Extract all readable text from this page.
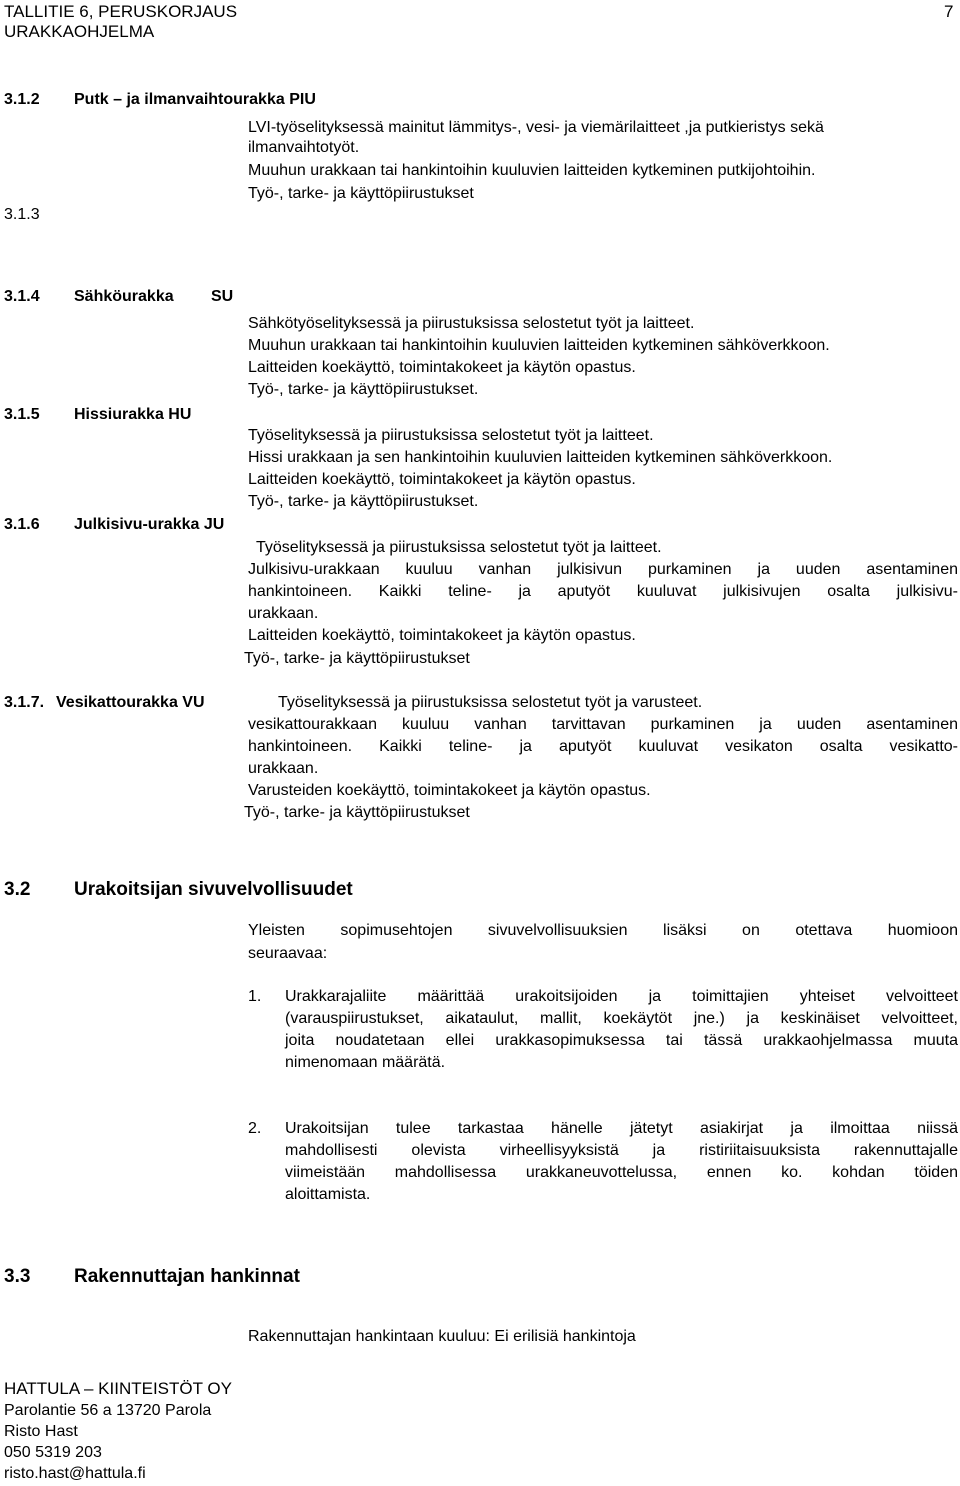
TALLITIE 6, PERUSKORJAUS
URAKKAOHJELMA
7
3.1.2 Putk – ja ilmanvaihtourakka PIU
LVI-työselityksessä mainitut lämmitys-, vesi- ja viemärilaitteet ,ja putkieristys sekä
ilmanvaihtotyöt.
Muuhun urakkaan tai hankintoihin kuuluvien laitteiden kytkeminen putkijohtoihin.
Työ-, tarke- ja käyttöpiirustukset
3.1.3
3.1.4 Sähköurakka SU
Sähkötyöselityksessä ja piirustuksissa selostetut työt ja laitteet.
Muuhun urakkaan tai hankintoihin kuuluvien laitteiden kytkeminen sähköverkkoon.
Laitteiden koekäyttö, toimintakokeet ja käytön opastus.
Työ-, tarke- ja käyttöpiirustukset.
3.1.5 Hissiurakka HU
Työselityksessä ja piirustuksissa selostetut työt ja laitteet.
Hissi urakkaan ja sen hankintoihin kuuluvien laitteiden kytkeminen sähköverkkoon.
Laitteiden koekäyttö, toimintakokeet ja käytön opastus.
Työ-, tarke- ja käyttöpiirustukset.
3.1.6 Julkisivu-urakka JU
Työselityksessä ja piirustuksissa selostetut työt ja laitteet.
Julkisivu-urakkaan kuuluu vanhan julkisivun purkaminen ja uuden asentaminen
hankintoineen. Kaikki teline- ja aputyöt kuuluvat julkisivujen osalta julkisivu-
urakkaan.
Laitteiden koekäyttö, toimintakokeet ja käytön opastus.
Työ-, tarke- ja käyttöpiirustukset
3.1.7. Vesikattourakka VU	Työselityksessä ja piirustuksissa selostetut työt ja varusteet.
vesikattourakkaan kuuluu vanhan tarvittavan purkaminen ja uuden asentaminen
hankintoineen. Kaikki teline- ja aputyöt kuuluvat vesikaton osalta vesikatto-
urakkaan.
Varusteiden koekäyttö, toimintakokeet ja käytön opastus.
Työ-, tarke- ja käyttöpiirustukset
3.2 Urakoitsijan sivuvelvollisuudet
Yleisten sopimusehtojen sivuvelvollisuuksien lisäksi on otettava huomioon
seuraavaa:
1. Urakkarajaliite määrittää urakoitsijoiden ja toimittajien yhteiset velvoitteet
(varauspiirustukset, aikataulut, mallit, koekäytöt jne.) ja keskinäiset velvoitteet,
joita noudatetaan ellei urakkasopimuksessa tai tässä urakkaohjelmassa muuta
nimenomaan määrätä.
2. Urakoitsijan tulee tarkastaa hänelle jätetyt asiakirjat ja ilmoittaa niissä
mahdollisesti olevista virheellisyyksistä ja ristiriitaisuuksista rakennuttajalle
viimeistään mahdollisessa urakkaneuvottelussa, ennen ko. kohdan töiden
aloittamista.
3.3 Rakennuttajan hankinnat
Rakennuttajan hankintaan kuuluu: Ei erilisiä hankintoja
HATTULA – KIINTEISTÖT OY
Parolantie 56 a 13720 Parola
Risto Hast
050 5319 203
risto.hast@hattula.fi
